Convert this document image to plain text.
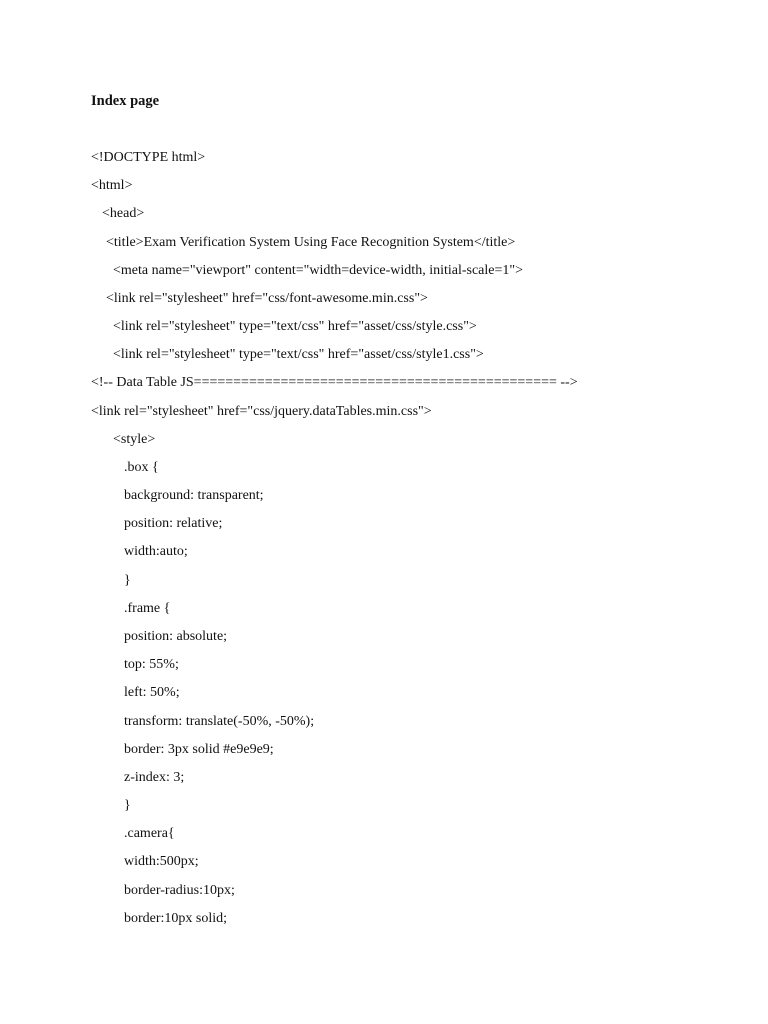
Index page
<!DOCTYPE html>
<html>
<head>
<title>Exam Verification System Using Face Recognition System</title>
<meta name="viewport" content="width=device-width, initial-scale=1">
<link rel="stylesheet" href="css/font-awesome.min.css">
<link rel="stylesheet" type="text/css" href="asset/css/style.css">
<link rel="stylesheet" type="text/css" href="asset/css/style1.css">
<!-- Data Table JS============================================== -->
<link rel="stylesheet" href="css/jquery.dataTables.min.css">
<style>
.box {
background: transparent;
position: relative;
width:auto;
}
.frame {
position: absolute;
top: 55%;
left: 50%;
transform: translate(-50%, -50%);
border: 3px solid #e9e9e9;
z-index: 3;
}
.camera{
width:500px;
border-radius:10px;
border:10px solid;
